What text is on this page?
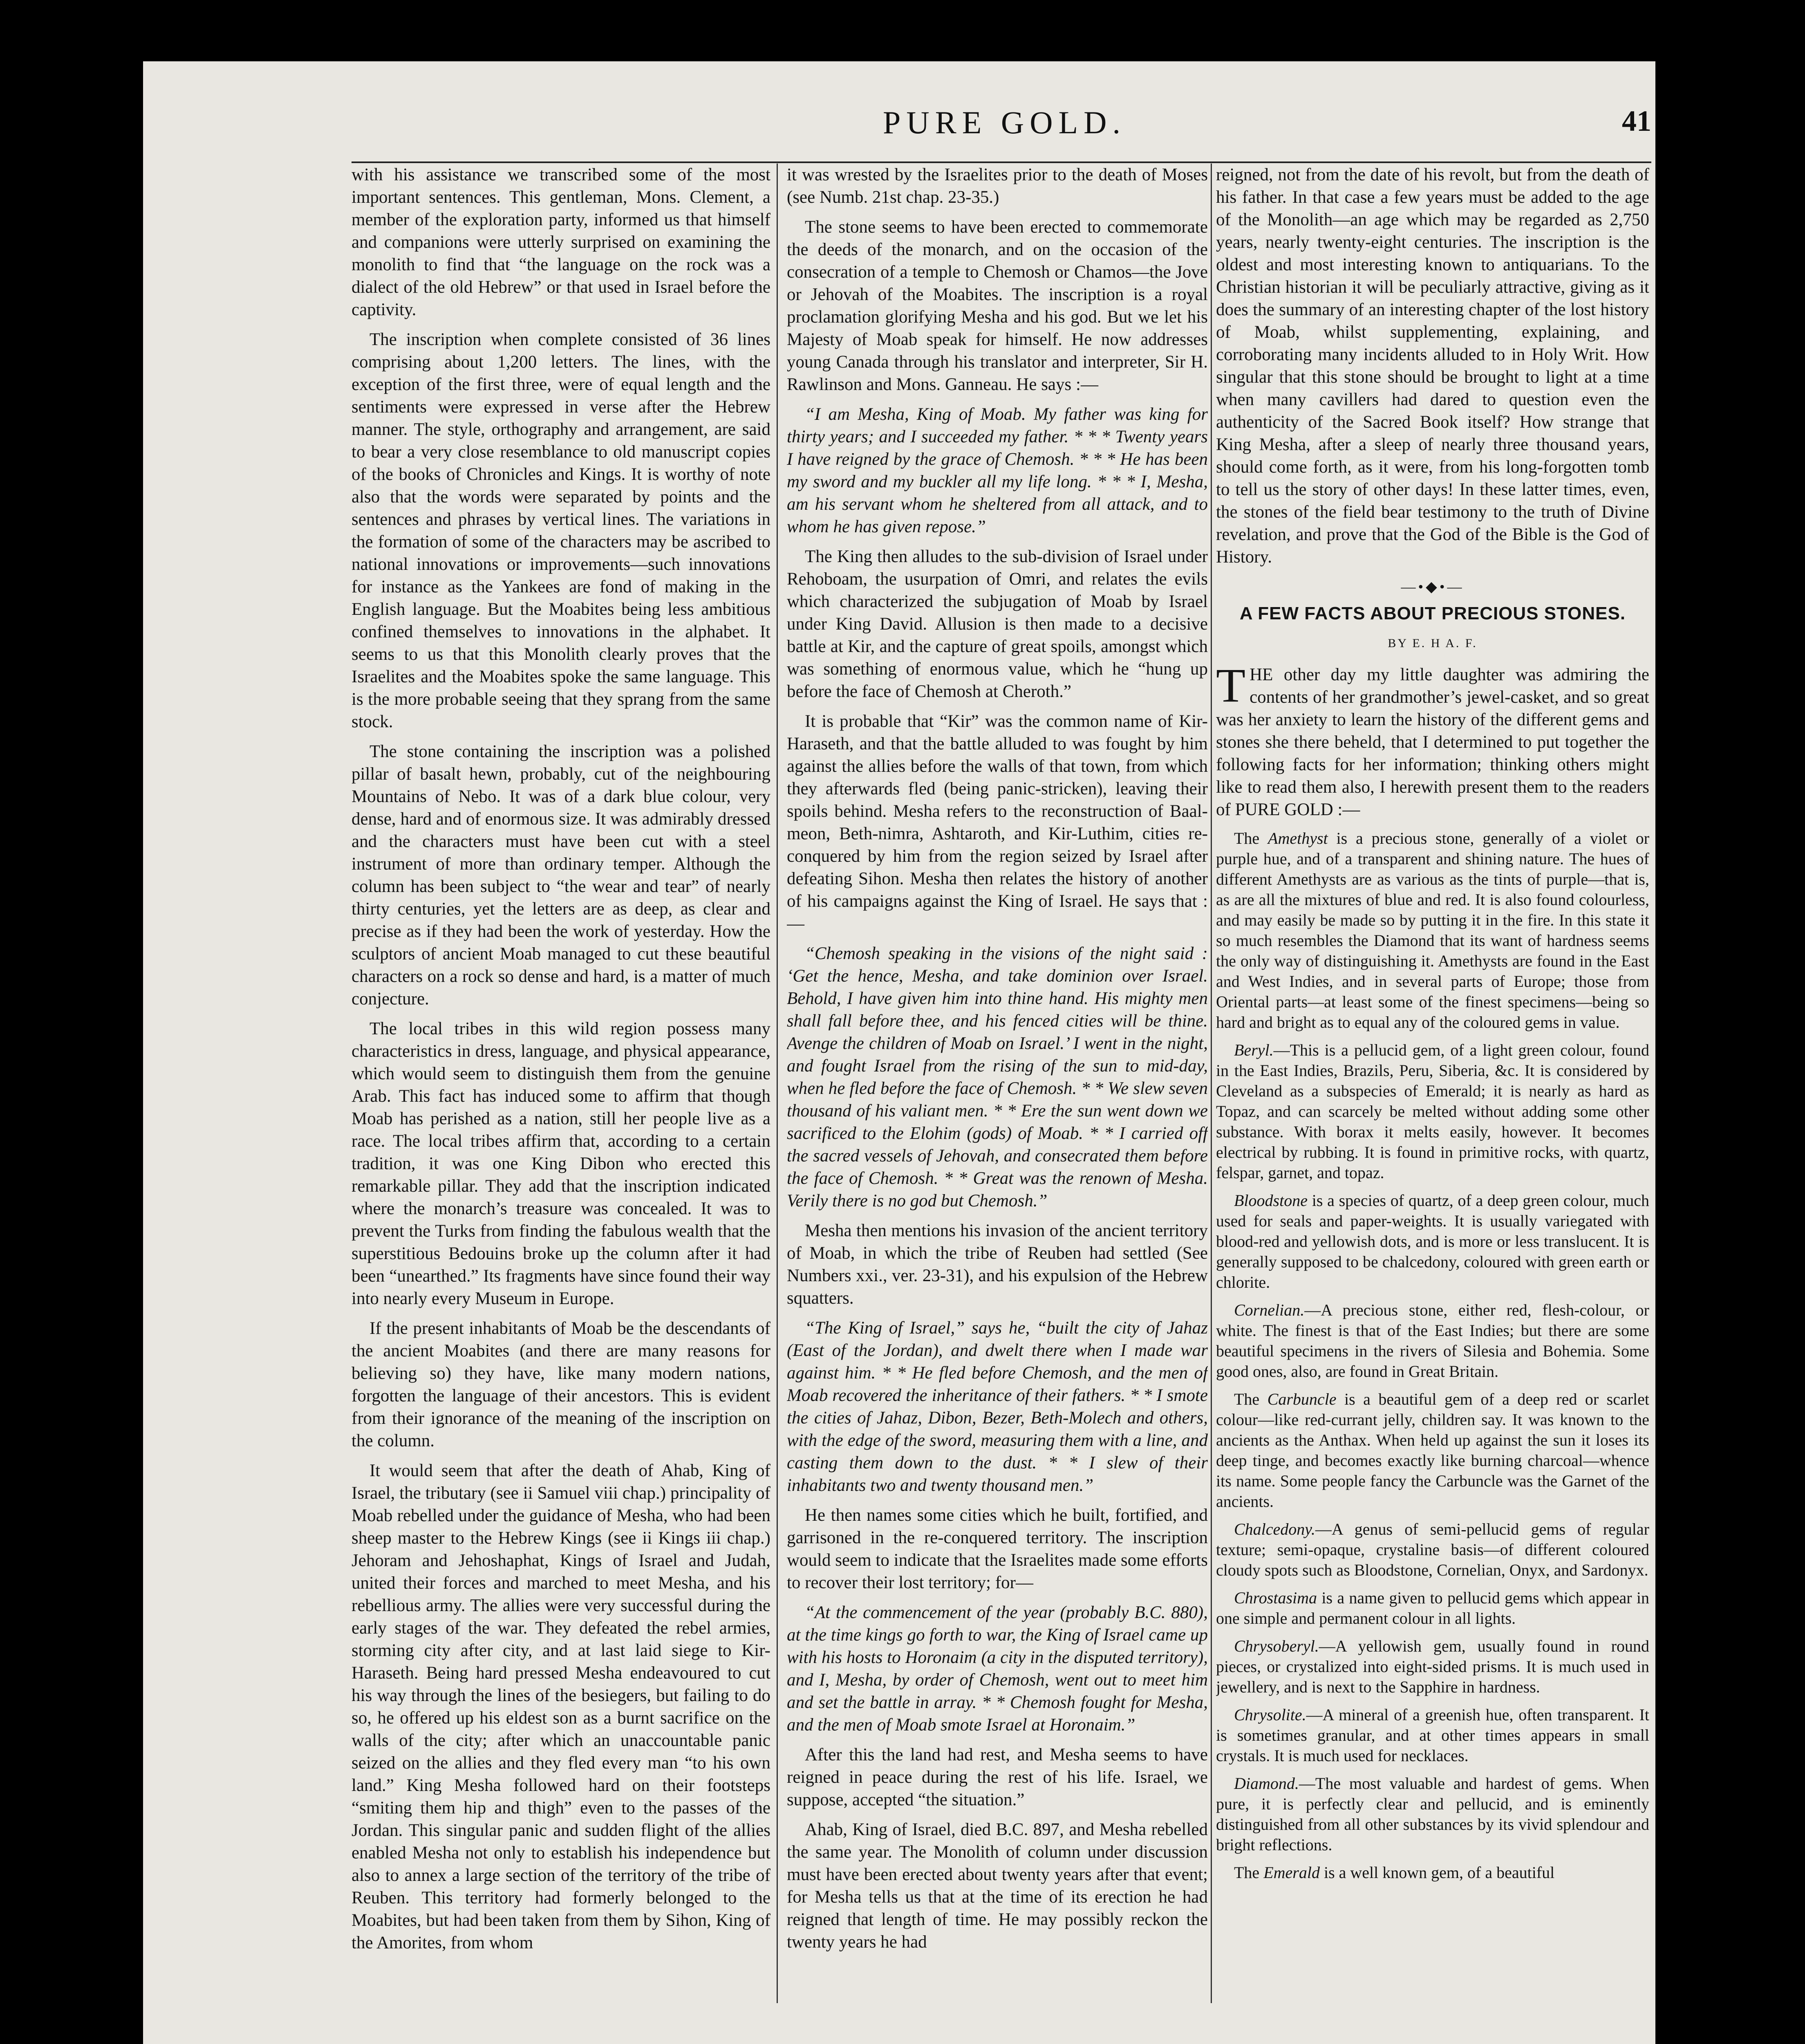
PURE GOLD.	41

with his assistance we transcribed some of the most important sentences. This gentleman, Mons. Clement, a member of the exploration party, informed us that himself and companions were utterly surprised on examining the monolith to find that “the language on the rock was a dialect of the old Hebrew” or that used in Israel before the captivity.

The inscription when complete consisted of 36 lines comprising about 1,200 letters. The lines, with the exception of the first three, were of equal length and the sentiments were expressed in verse after the Hebrew manner. The style, orthography and arrangement, are said to bear a very close resemblance to old manuscript copies of the books of Chronicles and Kings. It is worthy of note also that the words were separated by points and the sentences and phrases by vertical lines. The variations in the formation of some of the characters may be ascribed to national innovations or improvements—such innovations for instance as the Yankees are fond of making in the English language. But the Moabites being less ambitious confined themselves to innovations in the alphabet. It seems to us that this Monolith clearly proves that the Israelites and the Moabites spoke the same language. This is the more probable seeing that they sprang from the same stock.

The stone containing the inscription was a polished pillar of basalt hewn, probably, cut of the neighbouring Mountains of Nebo. It was of a dark blue colour, very dense, hard and of enormous size. It was admirably dressed and the characters must have been cut with a steel instrument of more than ordinary temper. Although the column has been subject to “the wear and tear” of nearly thirty centuries, yet the letters are as deep, as clear and precise as if they had been the work of yesterday. How the sculptors of ancient Moab managed to cut these beautiful characters on a rock so dense and hard, is a matter of much conjecture.

The local tribes in this wild region possess many characteristics in dress, language, and physical appearance, which would seem to distinguish them from the genuine Arab. This fact has induced some to affirm that though Moab has perished as a nation, still her people live as a race. The local tribes affirm that, according to a certain tradition, it was one King Dibon who erected this remarkable pillar. They add that the inscription indicated where the monarch’s treasure was concealed. It was to prevent the Turks from finding the fabulous wealth that the superstitious Bedouins broke up the column after it had been “unearthed.” Its fragments have since found their way into nearly every Museum in Europe.

If the present inhabitants of Moab be the descendants of the ancient Moabites (and there are many reasons for believing so) they have, like many modern nations, forgotten the language of their ancestors. This is evident from their ignorance of the meaning of the inscription on the column.

It would seem that after the death of Ahab, King of Israel, the tributary (see ii Samuel viii chap.) principality of Moab rebelled under the guidance of Mesha, who had been sheep master to the Hebrew Kings (see ii Kings iii chap.) Jehoram and Jehoshaphat, Kings of Israel and Judah, united their forces and marched to meet Mesha, and his rebellious army. The allies were very successful during the early stages of the war. They defeated the rebel armies, storming city after city, and at last laid siege to Kir-Haraseth. Being hard pressed Mesha endeavoured to cut his way through the lines of the besiegers, but failing to do so, he offered up his eldest son as a burnt sacrifice on the walls of the city; after which an unaccountable panic seized on the allies and they fled every man “to his own land.” King Mesha followed hard on their footsteps “smiting them hip and thigh” even to the passes of the Jordan. This singular panic and sudden flight of the allies enabled Mesha not only to establish his independence but also to annex a large section of the territory of the tribe of Reuben. This territory had formerly belonged to the Moabites, but had been taken from them by Sihon, King of the Amorites, from whom

it was wrested by the Israelites prior to the death of Moses (see Numb. 21st chap. 23-35.)

The stone seems to have been erected to commemorate the deeds of the monarch, and on the occasion of the consecration of a temple to Chemosh or Chamos—the Jove or Jehovah of the Moabites. The inscription is a royal proclamation glorifying Mesha and his god. But we let his Majesty of Moab speak for himself. He now addresses young Canada through his translator and interpreter, Sir H. Rawlinson and Mons. Ganneau. He says :—

“I am Mesha, King of Moab. My father was king for thirty years; and I succeeded my father. * * * Twenty years I have reigned by the grace of Chemosh. * * * He has been my sword and my buckler all my life long. * * * I, Mesha, am his servant whom he sheltered from all attack, and to whom he has given repose.”

The King then alludes to the sub-division of Israel under Rehoboam, the usurpation of Omri, and relates the evils which characterized the subjugation of Moab by Israel under King David. Allusion is then made to a decisive battle at Kir, and the capture of great spoils, amongst which was something of enormous value, which he “hung up before the face of Chemosh at Cheroth.”

It is probable that “Kir” was the common name of Kir-Haraseth, and that the battle alluded to was fought by him against the allies before the walls of that town, from which they afterwards fled (being panic-stricken), leaving their spoils behind. Mesha refers to the reconstruction of Baal-meon, Beth-nimra, Ashtaroth, and Kir-Luthim, cities re-conquered by him from the region seized by Israel after defeating Sihon. Mesha then relates the history of another of his campaigns against the King of Israel. He says that :—

“Chemosh speaking in the visions of the night said : ‘Get the hence, Mesha, and take dominion over Israel. Behold, I have given him into thine hand. His mighty men shall fall before thee, and his fenced cities will be thine. Avenge the children of Moab on Israel.’ I went in the night, and fought Israel from the rising of the sun to mid-day, when he fled before the face of Chemosh. * * We slew seven thousand of his valiant men. * * Ere the sun went down we sacrificed to the Elohim (gods) of Moab. * * I carried off the sacred vessels of Jehovah, and consecrated them before the face of Chemosh. * * Great was the renown of Mesha. Verily there is no god but Chemosh.”

Mesha then mentions his invasion of the ancient territory of Moab, in which the tribe of Reuben had settled (See Numbers xxi., ver. 23-31), and his expulsion of the Hebrew squatters.

“The King of Israel,” says he, “built the city of Jahaz (East of the Jordan), and dwelt there when I made war against him. * * He fled before Chemosh, and the men of Moab recovered the inheritance of their fathers. * * I smote the cities of Jahaz, Dibon, Bezer, Beth-Molech and others, with the edge of the sword, measuring them with a line, and casting them down to the dust. * * I slew of their inhabitants two and twenty thousand men.”

He then names some cities which he built, fortified, and garrisoned in the re-conquered territory. The inscription would seem to indicate that the Israelites made some efforts to recover their lost territory; for—

“At the commencement of the year (probably B.C. 880), at the time kings go forth to war, the King of Israel came up with his hosts to Horonaim (a city in the disputed territory), and I, Mesha, by order of Chemosh, went out to meet him and set the battle in array. * * Chemosh fought for Mesha, and the men of Moab smote Israel at Horonaim.”

After this the land had rest, and Mesha seems to have reigned in peace during the rest of his life. Israel, we suppose, accepted “the situation.”

Ahab, King of Israel, died B.C. 897, and Mesha rebelled the same year. The Monolith of column under discussion must have been erected about twenty years after that event; for Mesha tells us that at the time of its erection he had reigned that length of time. He may possibly reckon the twenty years he had

reigned, not from the date of his revolt, but from the death of his father. In that case a few years must be added to the age of the Monolith—an age which may be regarded as 2,750 years, nearly twenty-eight centuries. The inscription is the oldest and most interesting known to antiquarians. To the Christian historian it will be peculiarly attractive, giving as it does the summary of an interesting chapter of the lost history of Moab, whilst supplementing, explaining, and corroborating many incidents alluded to in Holy Writ. How singular that this stone should be brought to light at a time when many cavillers had dared to question even the authenticity of the Sacred Book itself? How strange that King Mesha, after a sleep of nearly three thousand years, should come forth, as it were, from his long-forgotten tomb to tell us the story of other days! In these latter times, even, the stones of the field bear testimony to the truth of Divine revelation, and prove that the God of the Bible is the God of History.

—•◆•—
A FEW FACTS ABOUT PRECIOUS STONES.
BY E. H A. F.

THE other day my little daughter was admiring the contents of her grandmother’s jewel-casket, and so great was her anxiety to learn the history of the different gems and stones she there beheld, that I determined to put together the following facts for her information; thinking others might like to read them also, I herewith present them to the readers of PURE GOLD :—

The Amethyst is a precious stone, generally of a violet or purple hue, and of a transparent and shining nature. The hues of different Amethysts are as various as the tints of purple—that is, as are all the mixtures of blue and red. It is also found colourless, and may easily be made so by putting it in the fire. In this state it so much resembles the Diamond that its want of hardness seems the only way of distinguishing it. Amethysts are found in the East and West Indies, and in several parts of Europe; those from Oriental parts—at least some of the finest specimens—being so hard and bright as to equal any of the coloured gems in value.

Beryl.—This is a pellucid gem, of a light green colour, found in the East Indies, Brazils, Peru, Siberia, &c. It is considered by Cleveland as a subspecies of Emerald; it is nearly as hard as Topaz, and can scarcely be melted without adding some other substance. With borax it melts easily, however. It becomes electrical by rubbing. It is found in primitive rocks, with quartz, felspar, garnet, and topaz.

Bloodstone is a species of quartz, of a deep green colour, much used for seals and paper-weights. It is usually variegated with blood-red and yellowish dots, and is more or less translucent. It is generally supposed to be chalcedony, coloured with green earth or chlorite.

Cornelian.—A precious stone, either red, flesh-colour, or white. The finest is that of the East Indies; but there are some beautiful specimens in the rivers of Silesia and Bohemia. Some good ones, also, are found in Great Britain.

The Carbuncle is a beautiful gem of a deep red or scarlet colour—like red-currant jelly, children say. It was known to the ancients as the Anthax. When held up against the sun it loses its deep tinge, and becomes exactly like burning charcoal—whence its name. Some people fancy the Carbuncle was the Garnet of the ancients.

Chalcedony.—A genus of semi-pellucid gems of regular texture; semi-opaque, crystaline basis—of different coloured cloudy spots such as Bloodstone, Cornelian, Onyx, and Sardonyx.

Chrostasima is a name given to pellucid gems which appear in one simple and permanent colour in all lights.

Chrysoberyl.—A yellowish gem, usually found in round pieces, or crystalized into eight-sided prisms. It is much used in jewellery, and is next to the Sapphire in hardness.

Chrysolite.—A mineral of a greenish hue, often transparent. It is sometimes granular, and at other times appears in small crystals. It is much used for necklaces.

Diamond.—The most valuable and hardest of gems. When pure, it is perfectly clear and pellucid, and is eminently distinguished from all other substances by its vivid splendour and bright reflections.

The Emerald is a well known gem, of a beautiful
